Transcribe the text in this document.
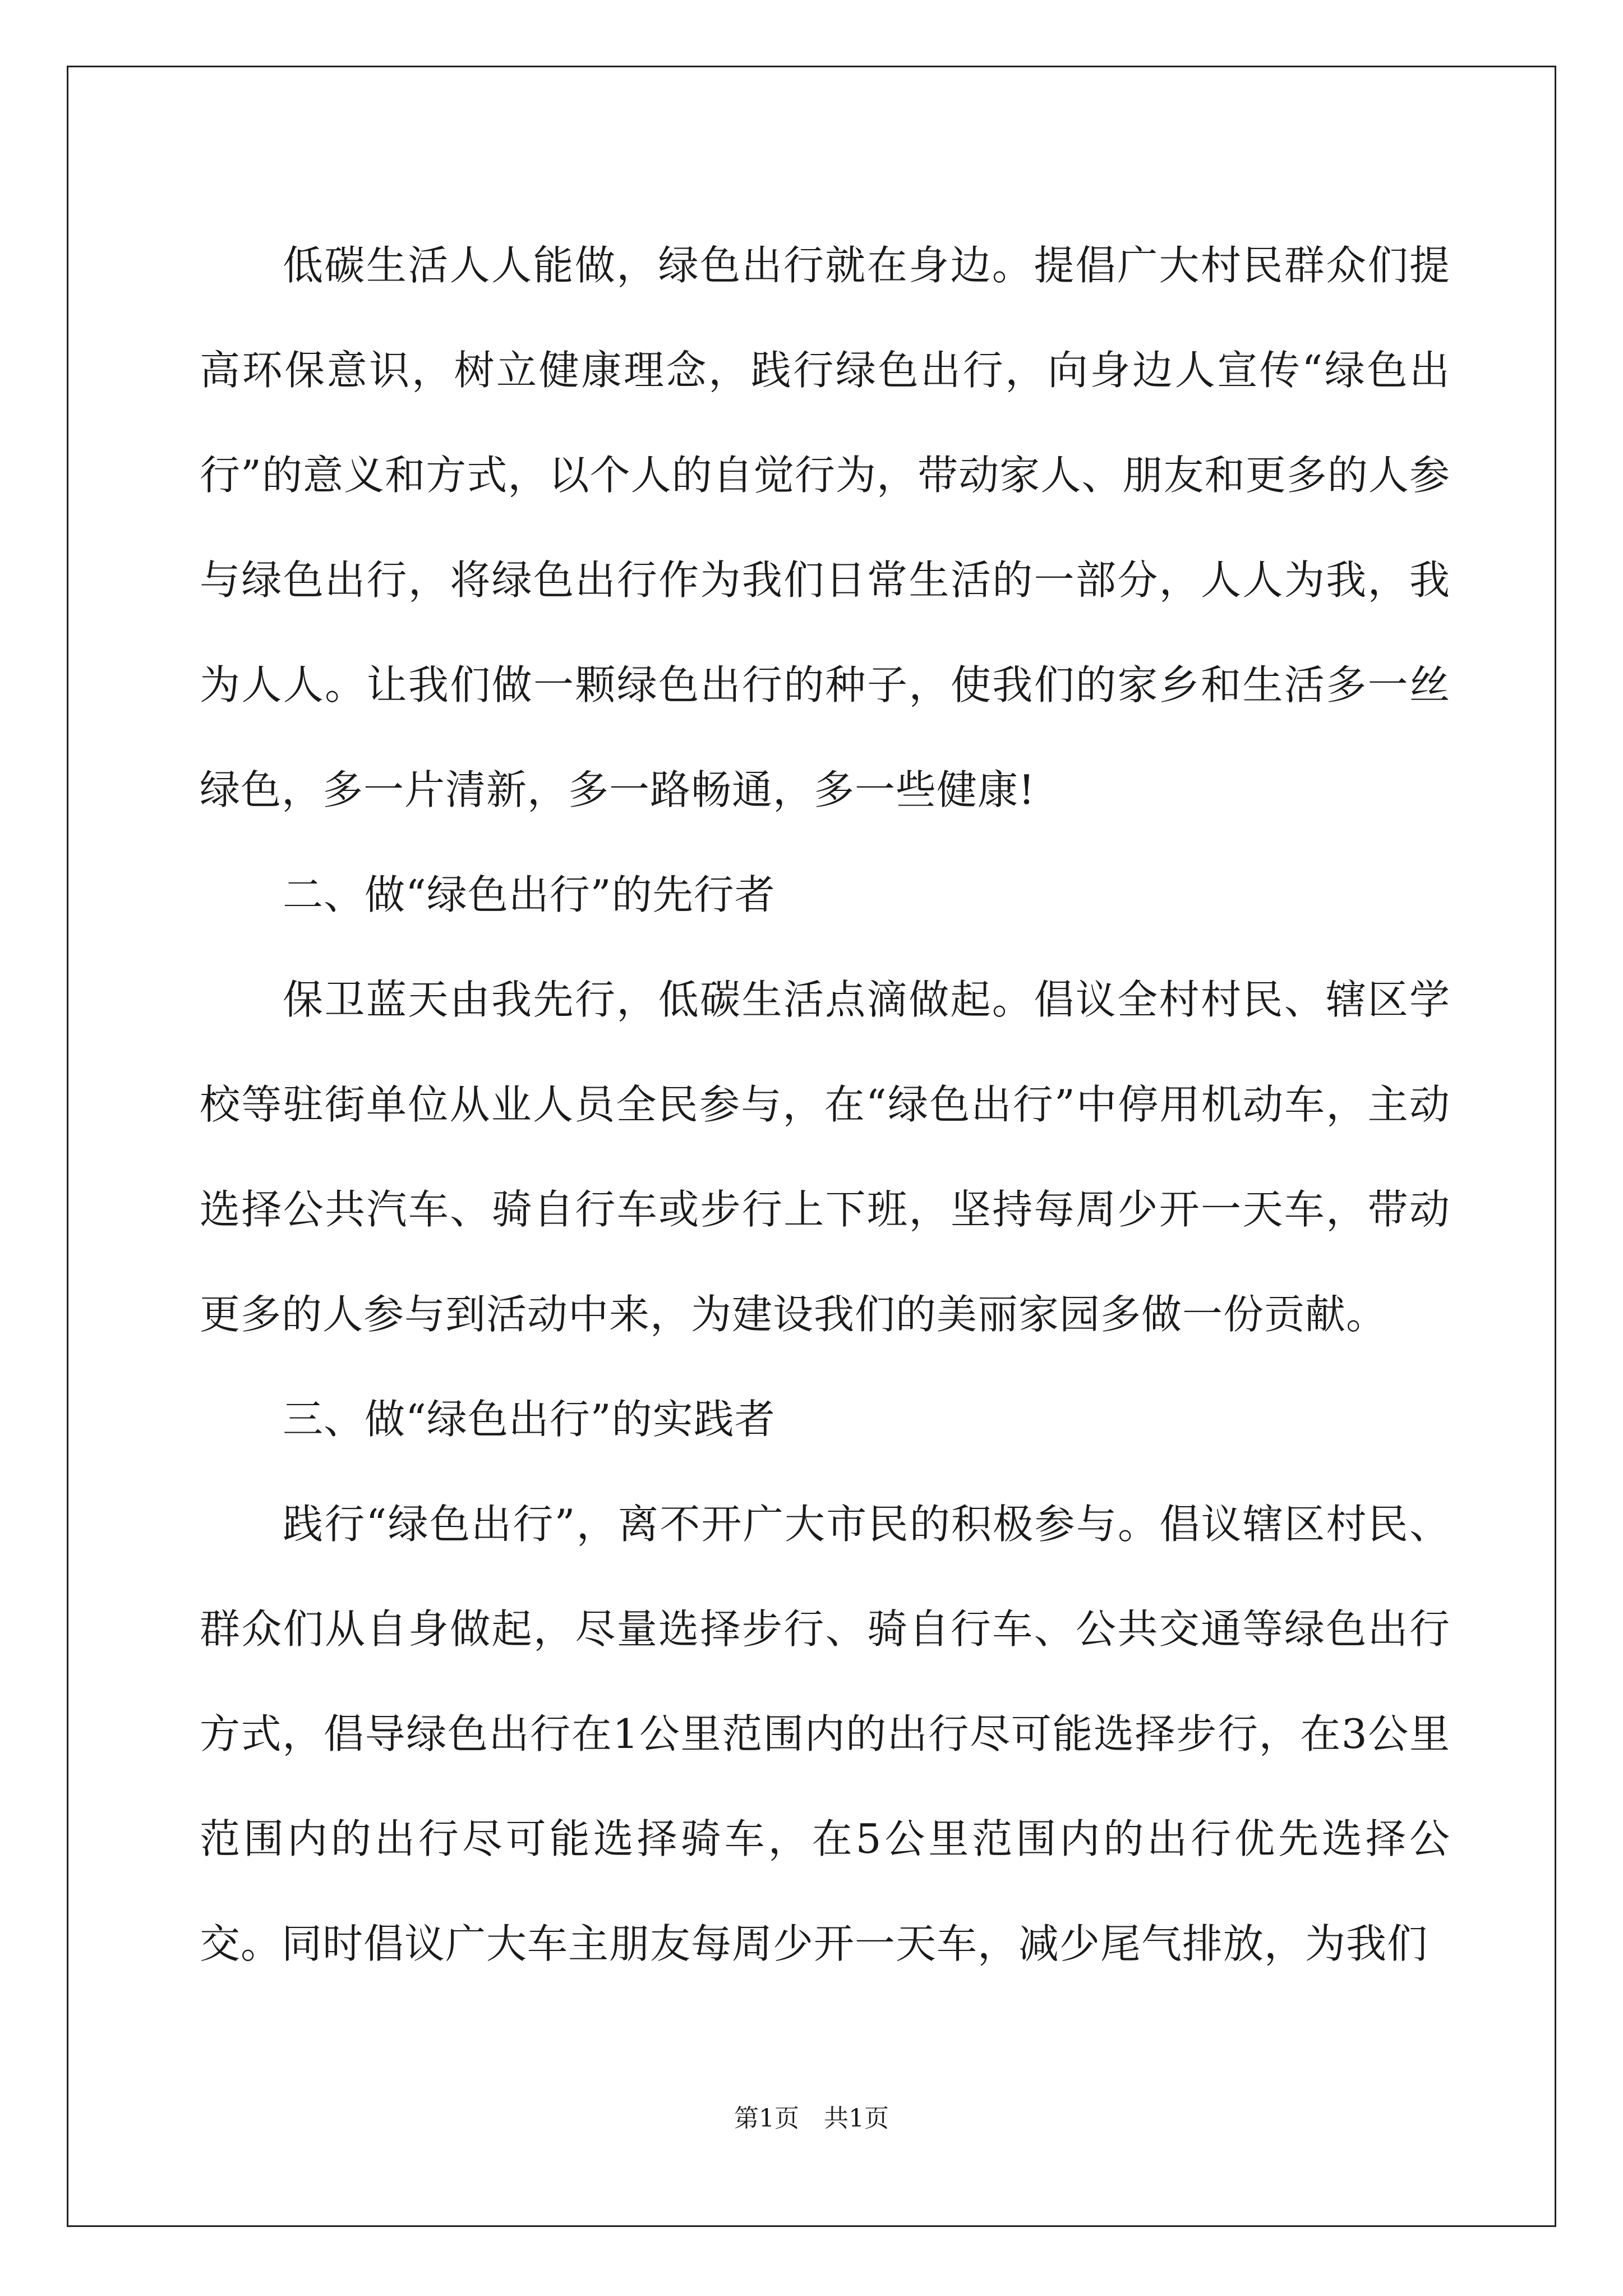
低碳生活人人能做，绿色出行就在身边。提倡广大村民群众们提高环保意识，树立健康理念，践行绿色出行，向身边人宣传“绿色出行”的意义和方式，以个人的自觉行为，带动家人、朋友和更多的人参与绿色出行，将绿色出行作为我们日常生活的一部分，人人为我，我为人人。让我们做一颗绿色出行的种子，使我们的家乡和生活多一丝绿色，多一片清新，多一路畅通，多一些健康!

二、做“绿色出行”的先行者

保卫蓝天由我先行，低碳生活点滴做起。倡议全村村民、辖区学校等驻街单位从业人员全民参与，在“绿色出行”中停用机动车，主动选择公共汽车、骑自行车或步行上下班，坚持每周少开一天车，带动更多的人参与到活动中来，为建设我们的美丽家园多做一份贡献。

三、做“绿色出行”的实践者

践行“绿色出行”，离不开广大市民的积极参与。倡议辖区村民、群众们从自身做起，尽量选择步行、骑自行车、公共交通等绿色出行方式，倡导绿色出行在1公里范围内的出行尽可能选择步行，在3公里范围内的出行尽可能选择骑车，在5公里范围内的出行优先选择公交。同时倡议广大车主朋友每周少开一天车，减少尾气排放，为我们

第1页　共1页
